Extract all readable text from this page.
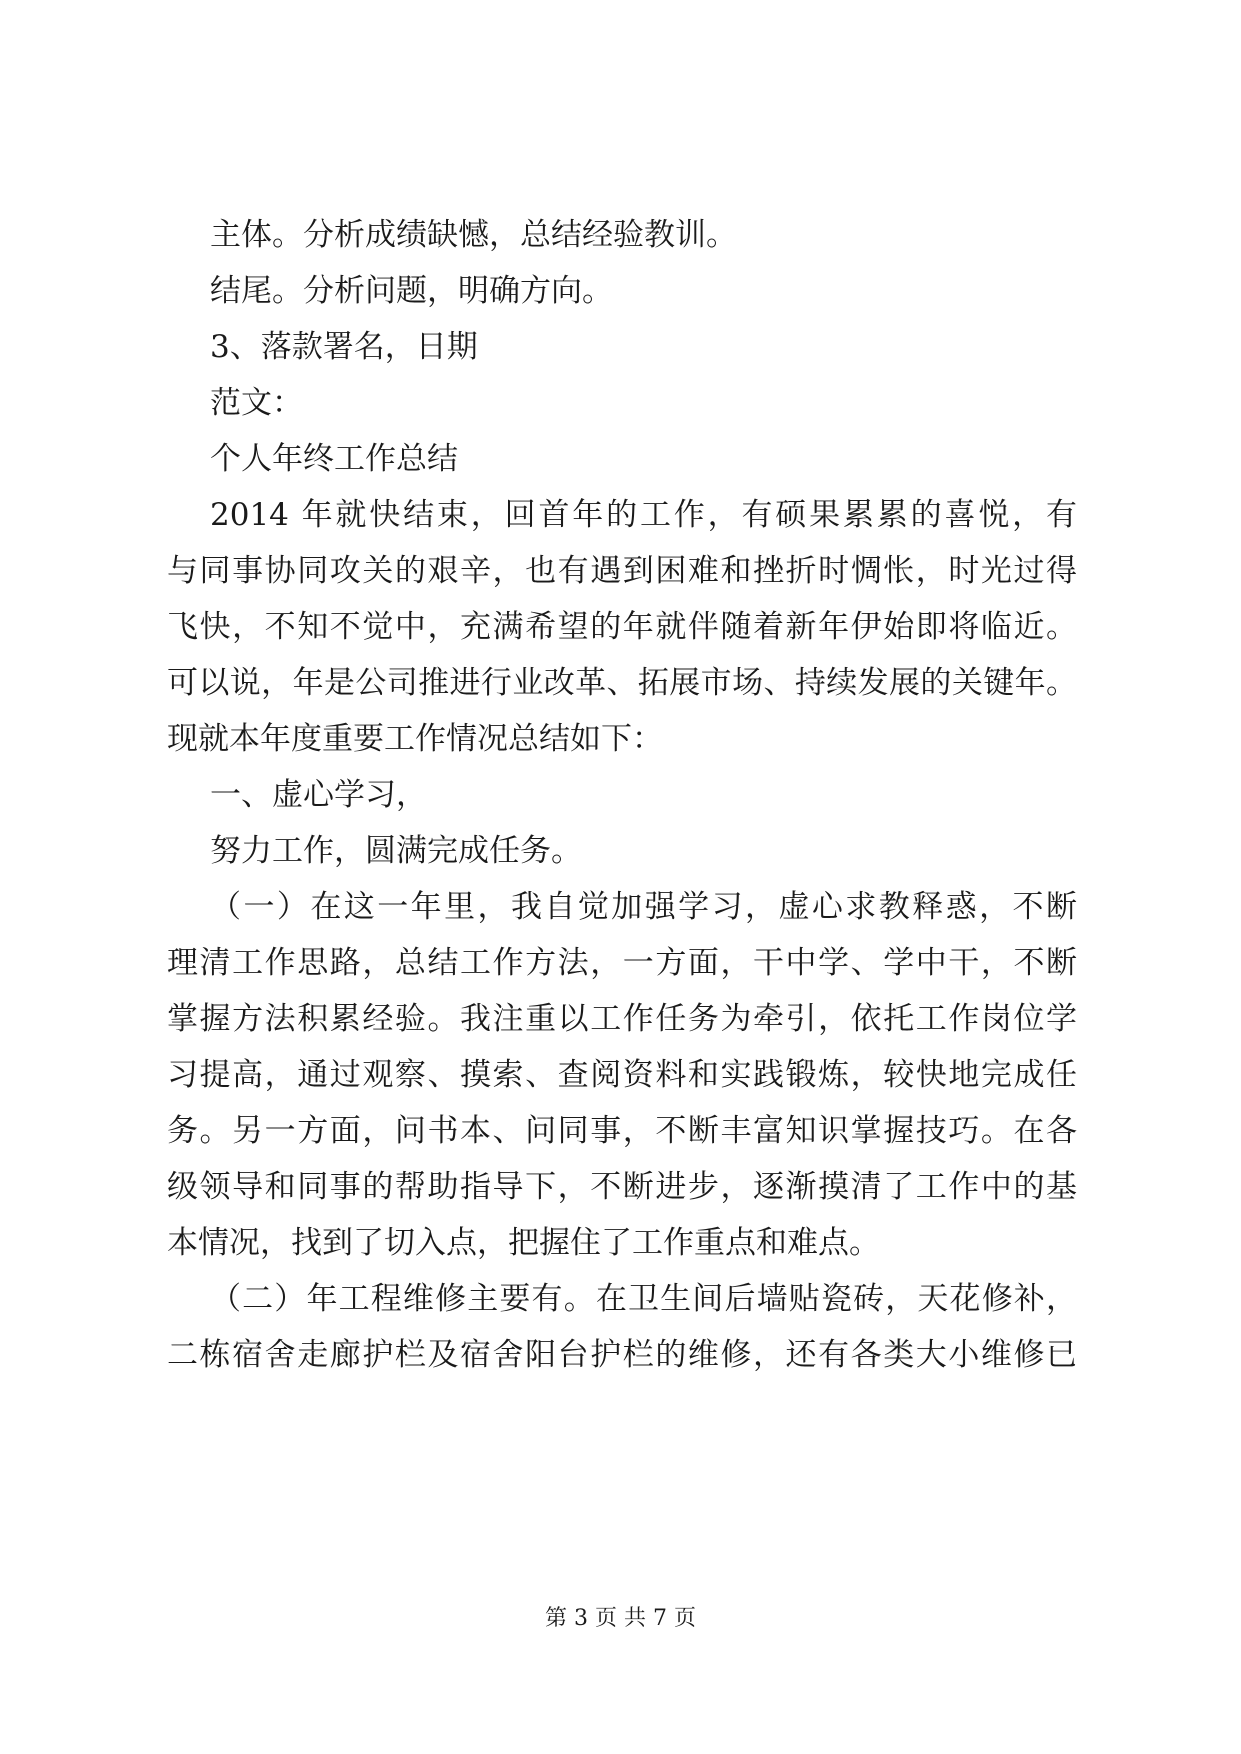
主体。分析成绩缺憾，总结经验教训。
结尾。分析问题，明确方向。
3、落款署名，日期
范文：
个人年终工作总结
2014 年就快结束，回首年的工作，有硕果累累的喜悦，有
与同事协同攻关的艰辛，也有遇到困难和挫折时惆怅，时光过得
飞快，不知不觉中，充满希望的年就伴随着新年伊始即将临近。
可以说，年是公司推进行业改革、拓展市场、持续发展的关键年。
现就本年度重要工作情况总结如下：
一、虚心学习，
努力工作，圆满完成任务。
（一）在这一年里，我自觉加强学习，虚心求教释惑，不断
理清工作思路，总结工作方法，一方面，干中学、学中干，不断
掌握方法积累经验。我注重以工作任务为牵引，依托工作岗位学
习提高，通过观察、摸索、查阅资料和实践锻炼，较快地完成任
务。另一方面，问书本、问同事，不断丰富知识掌握技巧。在各
级领导和同事的帮助指导下，不断进步，逐渐摸清了工作中的基
本情况，找到了切入点，把握住了工作重点和难点。
（二）年工程维修主要有。在卫生间后墙贴瓷砖，天花修补，
二栋宿舍走廊护栏及宿舍阳台护栏的维修，还有各类大小维修已
第 3 页 共 7 页
